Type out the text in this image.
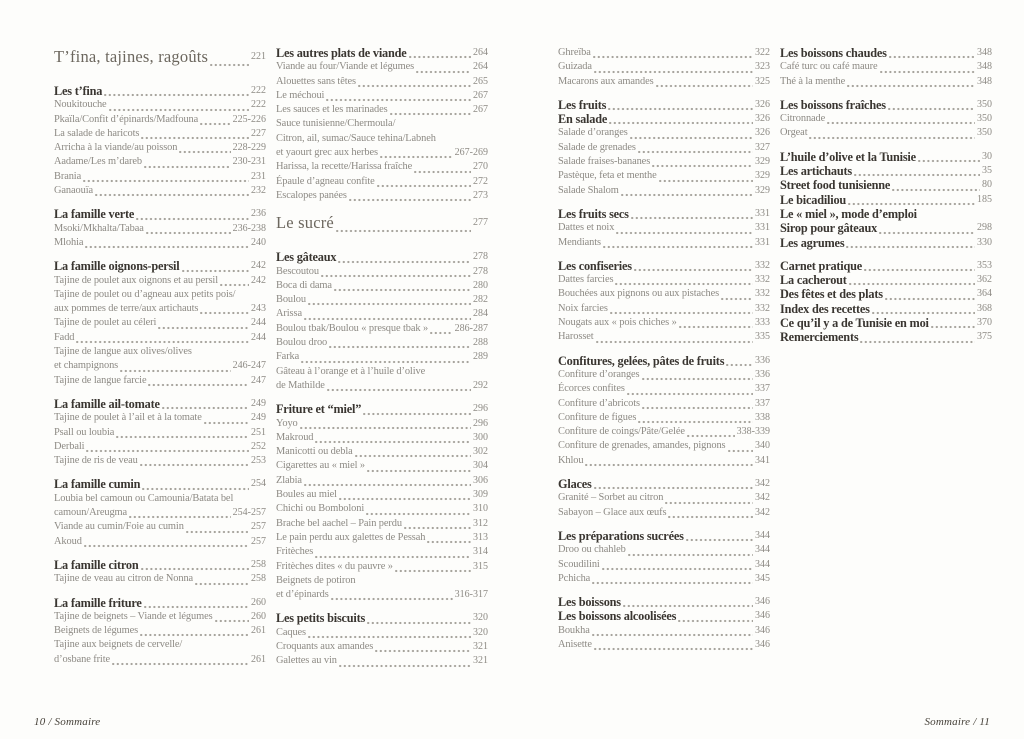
T’fina, tajines, ragoûts	221
Les t’fina	222
Noukitouche	222
Pkaïla/Confit d’épinards/Madfouna	225-226
La salade de haricots	227
Arricha à la viande/au poisson	228-229
Aadame/Les m’dareb	230-231
Brania	231
Ganaouïa	232
La famille verte	236
Msoki/Mkhalta/Tabaa	236-238
Mlohia	240
La famille oignons-persil	242
Tajine de poulet aux oignons et au persil	242
Tajine de poulet ou d’agneau aux petits pois/
aux pommes de terre/aux artichauts	243
Tajine de poulet au céleri	244
Fadd	244
Tajine de langue aux olives/olives
et champignons	246-247
Tajine de langue farcie	247
La famille ail-tomate	249
Tajine de poulet à l’ail et à la tomate	249
Psall ou loubia	251
Derbali	252
Tajine de ris de veau	253
La famille cumin	254
Loubia bel camoun ou Camounia/Batata bel
camoun/Areugma	254-257
Viande au cumin/Foie au cumin	257
Akoud	257
La famille citron	258
Tajine de veau au citron de Nonna	258
La famille friture	260
Tajine de beignets – Viande et légumes	260
Beignets de légumes	261
Tajine aux beignets de cervelle/
d’osbane frite	261
Les autres plats de viande	264
Viande au four/Viande et légumes	264
Alouettes sans têtes	265
Le méchoui	267
Les sauces et les marinades	267
Sauce tunisienne/Chermoula/
Citron, ail, sumac/Sauce tehina/Labneh
et yaourt grec aux herbes	267-269
Harissa, la recette/Harissa fraîche	270
Épaule d’agneau confite	272
Escalopes panées	273
Le sucré	277
Les gâteaux	278
Bescoutou	278
Boca di dama	280
Boulou	282
Arissa	284
Boulou tbak/Boulou « presque tbak »	286-287
Boulou droo	288
Farka	289
Gâteau à l’orange et à l’huile d’olive
de Mathilde	292
Friture et “miel”	296
Yoyo	296
Makroud	300
Manicotti ou debla	302
Cigarettes au « miel »	304
Zlabia	306
Boules au miel	309
Chichi ou Bomboloni	310
Brache bel aachel – Pain perdu	312
Le pain perdu aux galettes de Pessah	313
Fritèches	314
Fritèches dites « du pauvre »	315
Beignets de potiron
et d’épinards	316-317
Les petits biscuits	320
Caques	320
Croquants aux amandes	321
Galettes au vin	321
Ghreïba	322
Guizada	323
Macarons aux amandes	325
Les fruits	326
En salade	326
Salade d’oranges	326
Salade de grenades	327
Salade fraises-bananes	329
Pastèque, feta et menthe	329
Salade Shalom	329
Les fruits secs	331
Dattes et noix	331
Mendiants	331
Les confiseries	332
Dattes farcies	332
Bouchées aux pignons ou aux pistaches	332
Noix farcies	332
Nougats aux « pois chiches »	333
Harosset	335
Confitures, gelées, pâtes de fruits	336
Confiture d’oranges	336
Écorces confites	337
Confiture d’abricots	337
Confiture de figues	338
Confiture de coings/Pâte/Gelée	338-339
Confiture de grenades, amandes, pignons	340
Khlou	341
Glaces	342
Granité – Sorbet au citron	342
Sabayon – Glace aux œufs	342
Les préparations sucrées	344
Droo ou chahleb	344
Scoudilini	344
Pchicha	345
Les boissons	346
Les boissons alcoolisées	346
Boukha	346
Anisette	346
Les boissons chaudes	348
Café turc ou café maure	348
Thé à la menthe	348
Les boissons fraîches	350
Citronnade	350
Orgeat	350
L’huile d’olive et la Tunisie	30
Les artichauts	35
Street food tunisienne	80
Le bicadiliou	185
Le « miel », mode d’emploi
Sirop pour gâteaux	298
Les agrumes	330
Carnet pratique	353
La cacherout	362
Des fêtes et des plats	364
Index des recettes	368
Ce qu’il y a de Tunisie en moi	370
Remerciements	375
10 / Sommaire	Sommaire / 11
